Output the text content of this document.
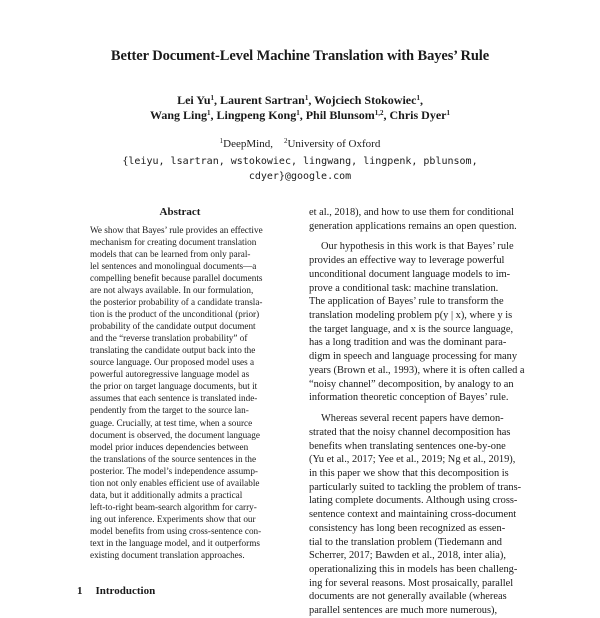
Better Document-Level Machine Translation with Bayes’ Rule
Lei Yu$^1$, Laurent Sartran$^1$, Wojciech Stokowiec$^1$,
Wang Ling$^1$, Lingpeng Kong$^1$, Phil Blunsom$^{1,2}$, Chris Dyer$^1$
$^1$DeepMind, $^2$University of Oxford
{leiyu, lsartran, wstokowiec, lingwang, lingpenk, pblunsom,
cdyer}@google.com
Abstract
We show that Bayes’ rule provides an effective
mechanism for creating document translation
models that can be learned from only paral-
lel sentences and monolingual documents—a
compelling benefit because parallel documents
are not always available. In our formulation,
the posterior probability of a candidate transla-
tion is the product of the unconditional (prior)
probability of the candidate output document
and the “reverse translation probability” of
translating the candidate output back into the
source language. Our proposed model uses a
powerful autoregressive language model as
the prior on target language documents, but it
assumes that each sentence is translated inde-
pendently from the target to the source lan-
guage. Crucially, at test time, when a source
document is observed, the document language
model prior induces dependencies between
the translations of the source sentences in the
posterior. The model’s independence assump-
tion not only enables efficient use of available
data, but it additionally admits a practical
left-to-right beam-search algorithm for carry-
ing out inference. Experiments show that our
model benefits from using cross-sentence con-
text in the language model, and it outperforms
existing document translation approaches.
et al., 2018), and how to use them for conditional
generation applications remains an open question.
Our hypothesis in this work is that Bayes’ rule
provides an effective way to leverage powerful
unconditional document language models to im-
prove a conditional task: machine translation.
The application of Bayes’ rule to transform the
translation modeling problem p(y | x), where y is
the target language, and x is the source language,
has a long tradition and was the dominant para-
digm in speech and language processing for many
years (Brown et al., 1993), where it is often called a
“noisy channel” decomposition, by analogy to an
information theoretic conception of Bayes’ rule.
Whereas several recent papers have demon-
strated that the noisy channel decomposition has
benefits when translating sentences one-by-one
(Yu et al., 2017; Yee et al., 2019; Ng et al., 2019),
in this paper we show that this decomposition is
particularly suited to tackling the problem of trans-
lating complete documents. Although using cross-
sentence context and maintaining cross-document
consistency has long been recognized as essen-
tial to the translation problem (Tiedemann and
Scherrer, 2017; Bawden et al., 2018, inter alia),
operationalizing this in models has been challeng-
ing for several reasons. Most prosaically, parallel
documents are not generally available (whereas
parallel sentences are much more numerous),
1 Introduction
